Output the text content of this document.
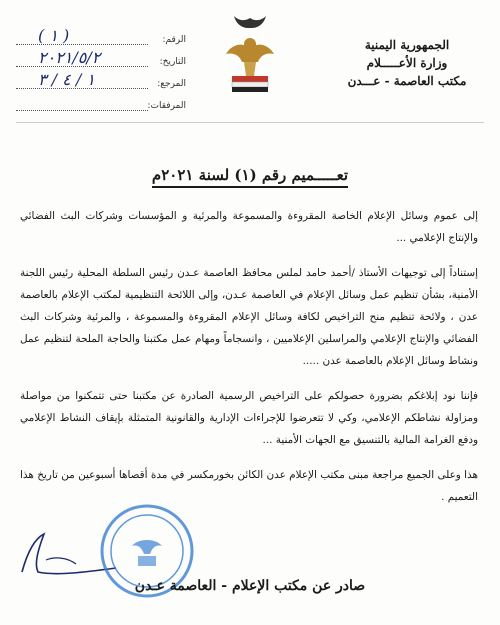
الجمهورية اليمنية
وزارة الأعـــــلام
مكتب العاصمة - عـــدن
الرقم:
( ١ )
التاريخ:
٢٠٢١/٥/٢
المرجع:
١ / ٤ / ٣
المرفقات:
تعـــــميم رقم (١) لسنة ٢٠٢١م

إلى عموم وسائل الإعلام الخاصة المقروءة والمسموعة والمرئية و المؤسسات وشركات البث الفضائي والإنتاج الإعلامي ...

إستناداً إلى توجيهات الأستاذ /أحمد حامد لملس محافظ العاصمة عـدن رئيس السلطة المحلية رئيس اللجنة الأمنية، بشأن تنظيم عمل وسائل الإعلام في العاصمة عـدن، وإلى اللائحة التنظيمية لمكتب الإعلام بالعاصمة عدن ، ولائحة تنظيم منح التراخيص لكافة وسائل الإعلام المقروءة والمسموعة ، والمرئية وشركات البث الفضائي والإنتاج الإعلامي والمراسلين الإعلاميين ، وانسجاماً ومهام عمل مكتبنا والحاجة الملحة لتنظيم عمل ونشاط وسائل الإعلام بالعاصمة عدن .....

فإننا نود إبلاغكم بضرورة حصولكم على التراخيص الرسمية الصادرة عن مكتبنا حتى تتمكنوا من مواصلة ومزاولة نشاطكم الإعلامي، وكي لا تتعرضوا للإجراءات الإدارية والقانونية المتمثلة بإيقاف النشاط الإعلامي ودفع الغرامة المالية بالتنسيق مع الجهات الأمنية ...

هذا وعلى الجميع مراجعة مبنى مكتب الإعلام عدن الكائن بخورمكسر في مدة أقصاها أسبوعين من تاريخ هذا التعميم .

صادر عن مكتب الإعلام - العاصمة عـدن
